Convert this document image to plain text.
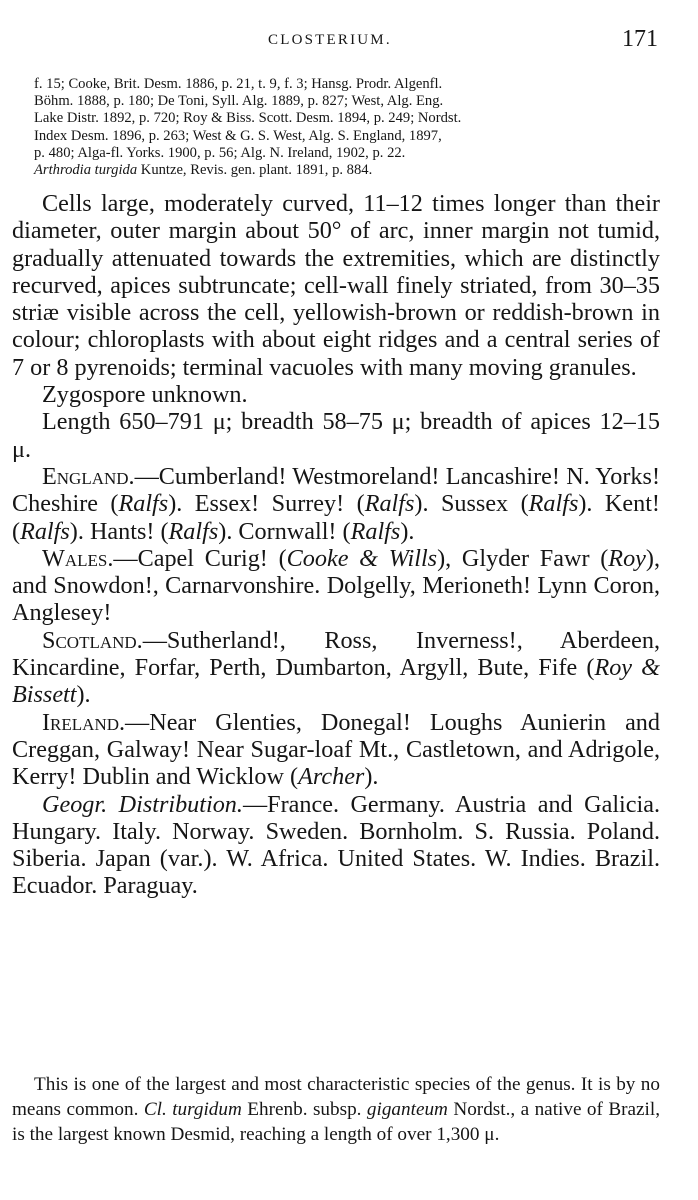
CLOSTERIUM.	171
f. 15; Cooke, Brit. Desm. 1886, p. 21, t. 9, f. 3; Hansg. Prodr. Algenfl.
Böhm. 1888, p. 180; De Toni, Syll. Alg. 1889, p. 827; West, Alg. Eng.
Lake Distr. 1892, p. 720; Roy & Biss. Scott. Desm. 1894, p. 249; Nordst.
Index Desm. 1896, p. 263; West & G. S. West, Alg. S. England, 1897,
p. 480; Alga-fl. Yorks. 1900, p. 56; Alg. N. Ireland, 1902, p. 22.
Arthrodia turgida Kuntze, Revis. gen. plant. 1891, p. 884.

Cells large, moderately curved, 11–12 times longer than their diameter, outer margin about 50° of arc, inner margin not tumid, gradually attenuated towards the extremities, which are distinctly recurved, apices subtruncate; cell-wall finely striated, from 30–35 striæ visible across the cell, yellowish-brown or reddish-brown in colour; chloroplasts with about eight ridges and a central series of 7 or 8 pyrenoids; terminal vacuoles with many moving granules.

Zygospore unknown.

Length 650–791 μ; breadth 58–75 μ; breadth of apices 12–15 μ.

England.—Cumberland! Westmoreland! Lancashire! N. Yorks! Cheshire (Ralfs). Essex! Surrey! (Ralfs). Sussex (Ralfs). Kent! (Ralfs). Hants! (Ralfs). Cornwall! (Ralfs).

Wales.—Capel Curig! (Cooke & Wills), Glyder Fawr (Roy), and Snowdon!, Carnarvonshire. Dolgelly, Merioneth! Lynn Coron, Anglesey!

Scotland.—Sutherland!, Ross, Inverness!, Aberdeen, Kincardine, Forfar, Perth, Dumbarton, Argyll, Bute, Fife (Roy & Bissett).

Ireland.—Near Glenties, Donegal! Loughs Aunierin and Creggan, Galway! Near Sugar-loaf Mt., Castletown, and Adrigole, Kerry! Dublin and Wicklow (Archer).

Geogr. Distribution.—France. Germany. Austria and Galicia. Hungary. Italy. Norway. Sweden. Bornholm. S. Russia. Poland. Siberia. Japan (var.). W. Africa. United States. W. Indies. Brazil. Ecuador. Paraguay.

This is one of the largest and most characteristic species of the genus. It is by no means common. Cl. turgidum Ehrenb. subsp. giganteum Nordst., a native of Brazil, is the largest known Desmid, reaching a length of over 1,300 μ.
